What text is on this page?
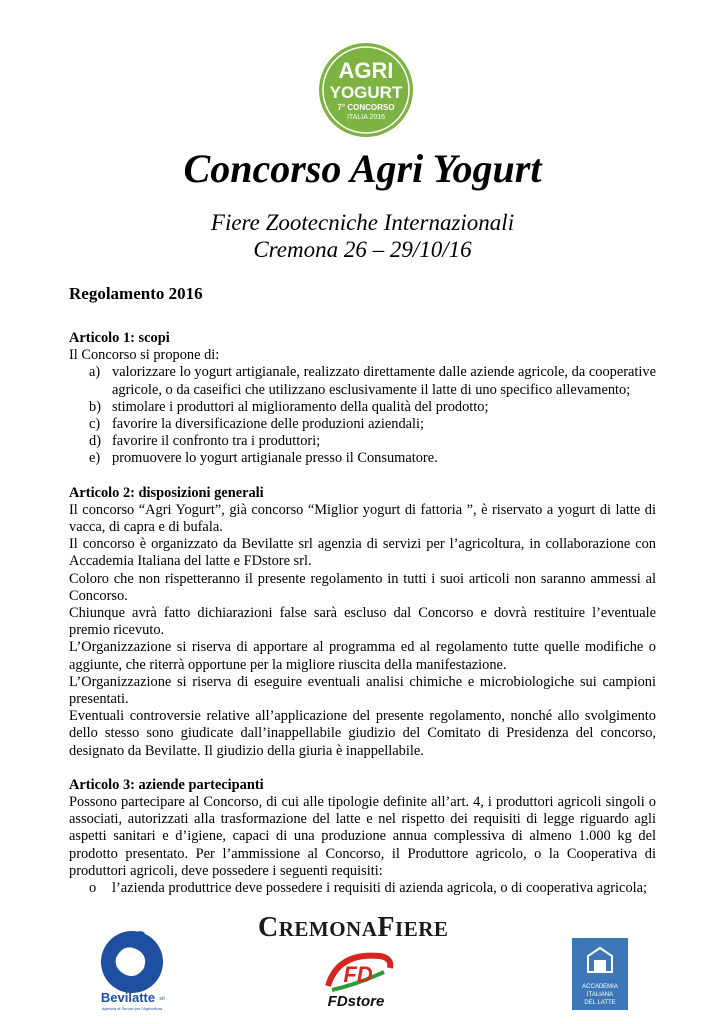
AGRI
YOGURT
7° CONCORSO
ITALIA 2016
Concorso Agri Yogurt
Fiere Zootecniche Internazionali
Cremona 26 – 29/10/16
Regolamento 2016

Articolo 1: scopi

Il Concorso si propone di:

a) valorizzare lo yogurt artigianale, realizzato direttamente dalle aziende agricole, da cooperative agricole, o da caseifici che utilizzano esclusivamente il latte di uno specifico allevamento;
b) stimolare i produttori al miglioramento della qualità del prodotto;
c) favorire la diversificazione delle produzioni aziendali;
d) favorire il confronto tra i produttori;
e) promuovere lo yogurt artigianale presso il Consumatore.

Articolo 2: disposizioni generali

Il concorso “Agri Yogurt”, già concorso “Miglior yogurt di fattoria ”, è riservato a yogurt di latte di vacca, di capra e di bufala.

Il concorso è organizzato da Bevilatte srl agenzia di servizi per l’agricoltura, in collaborazione con Accademia Italiana del latte e FDstore srl.

Coloro che non rispetteranno il presente regolamento in tutti i suoi articoli non saranno ammessi al Concorso.

Chiunque avrà fatto dichiarazioni false sarà escluso dal Concorso e dovrà restituire l’eventuale premio ricevuto.

L’Organizzazione si riserva di apportare al programma ed al regolamento tutte quelle modifiche o aggiunte, che riterrà opportune per la migliore riuscita della manifestazione.

L’Organizzazione si riserva di eseguire eventuali analisi chimiche e microbiologiche sui campioni presentati.

Eventuali controversie relative all’applicazione del presente regolamento, nonché allo svolgimento dello stesso sono giudicate dall’inappellabile giudizio del Comitato di Presidenza del concorso, designato da Bevilatte. Il giudizio della giuria è inappellabile.

Articolo 3: aziende partecipanti

Possono partecipare al Concorso, di cui alle tipologie definite all’art. 4, i produttori agricoli singoli o associati, autorizzati alla trasformazione del latte e nel rispetto dei requisiti di legge riguardo agli aspetti sanitari e d’igiene, capaci di una produzione annua complessiva di almeno 1.000 kg del prodotto presentato. Per l’ammissione al Concorso, il Produttore agricolo, o la Cooperativa di produttori agricoli, deve possedere i seguenti requisiti:

o	l’azienda produttrice deve possedere i requisiti di azienda agricola, o di cooperativa agricola;
CREMONAFIERE
Bevilatte srl
Agenzia di Servizi per l'Agricoltura
FD
FDstore
ACCADEMIA
ITALIANA
DEL LATTE
